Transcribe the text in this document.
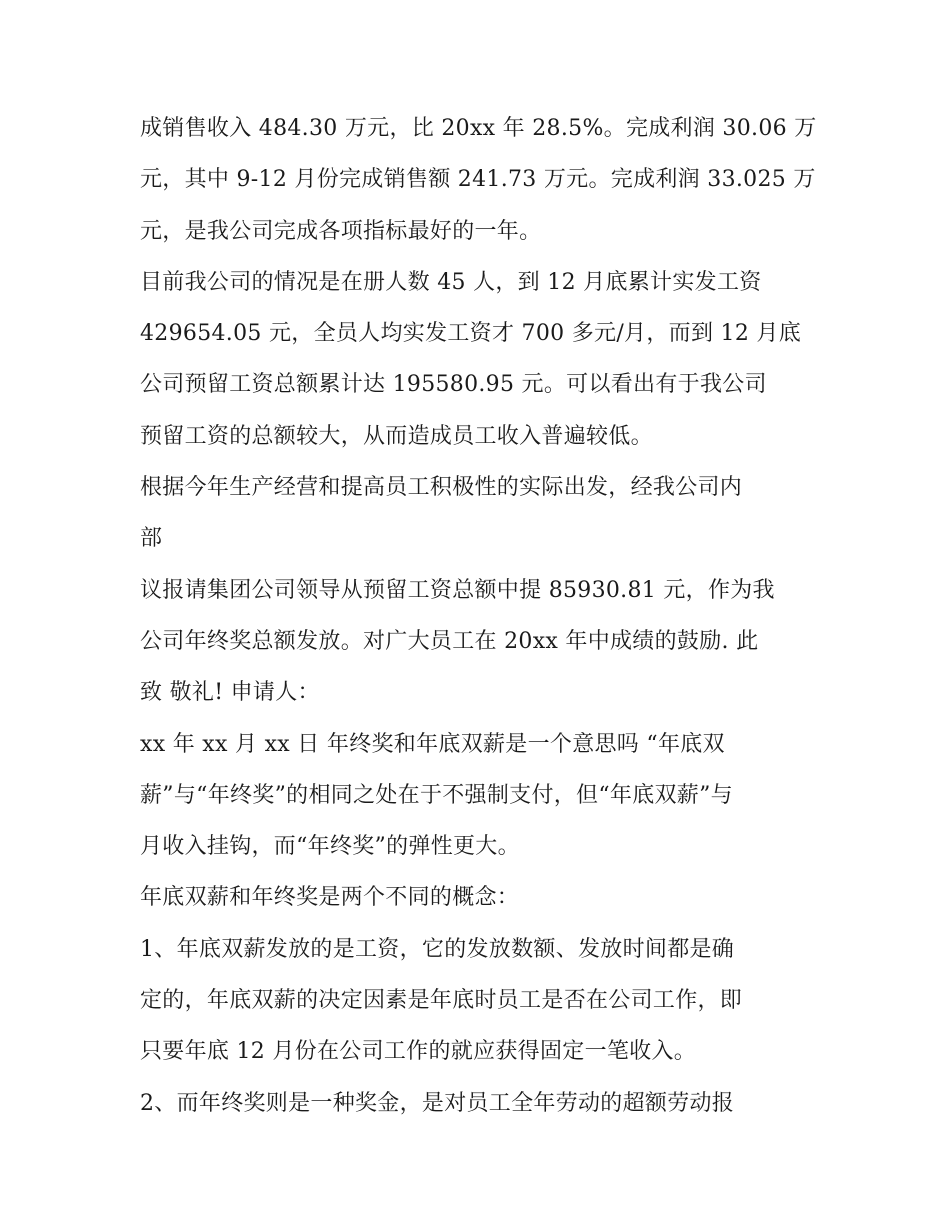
成销售收入 484.30 万元，比 20xx 年 28.5%。完成利润 30.06 万
元，其中 9-12 月份完成销售额 241.73 万元。完成利润 33.025 万
元，是我公司完成各项指标最好的一年。
目前我公司的情况是在册人数 45 人，到 12 月底累计实发工资
429654.05 元，全员人均实发工资才 700 多元/月，而到 12 月底
公司预留工资总额累计达 195580.95 元。可以看出有于我公司
预留工资的总额较大，从而造成员工收入普遍较低。
根据今年生产经营和提高员工积极性的实际出发，经我公司内
部
议报请集团公司领导从预留工资总额中提 85930.81 元，作为我
公司年终奖总额发放。对广大员工在 20xx 年中成绩的鼓励. 此
致 敬礼! 申请人：
xx 年 xx 月 xx 日 年终奖和年底双薪是一个意思吗 “年底双
薪”与“年终奖”的相同之处在于不强制支付，但“年底双薪”与
月收入挂钩，而“年终奖”的弹性更大。
年底双薪和年终奖是两个不同的概念：
1、年底双薪发放的是工资，它的发放数额、发放时间都是确
定的，年底双薪的决定因素是年底时员工是否在公司工作，即
只要年底 12 月份在公司工作的就应获得固定一笔收入。
2、而年终奖则是一种奖金，是对员工全年劳动的超额劳动报
